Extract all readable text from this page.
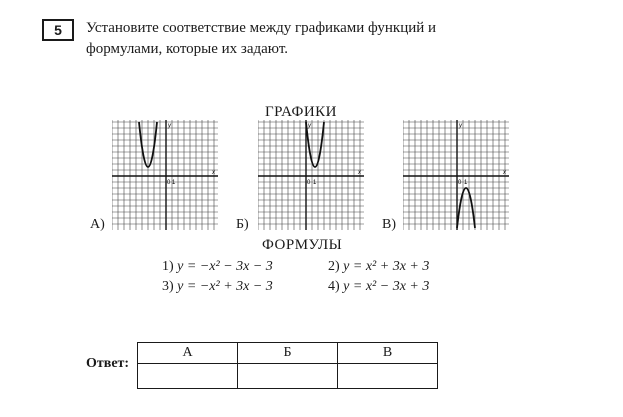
5	Установите соответствие между графиками функций и
формулами, которые их задают.
ГРАФИКИ
А)
0 1
x
y
Б)
0 1
x
y
В)
0 1
x
y
ФОРМУЛЫ
1) y = −x² − 3x − 3	2) y = x² + 3x + 3
3) y = −x² + 3x − 3	4) y = x² − 3x + 3
Ответ:
А	Б	В
